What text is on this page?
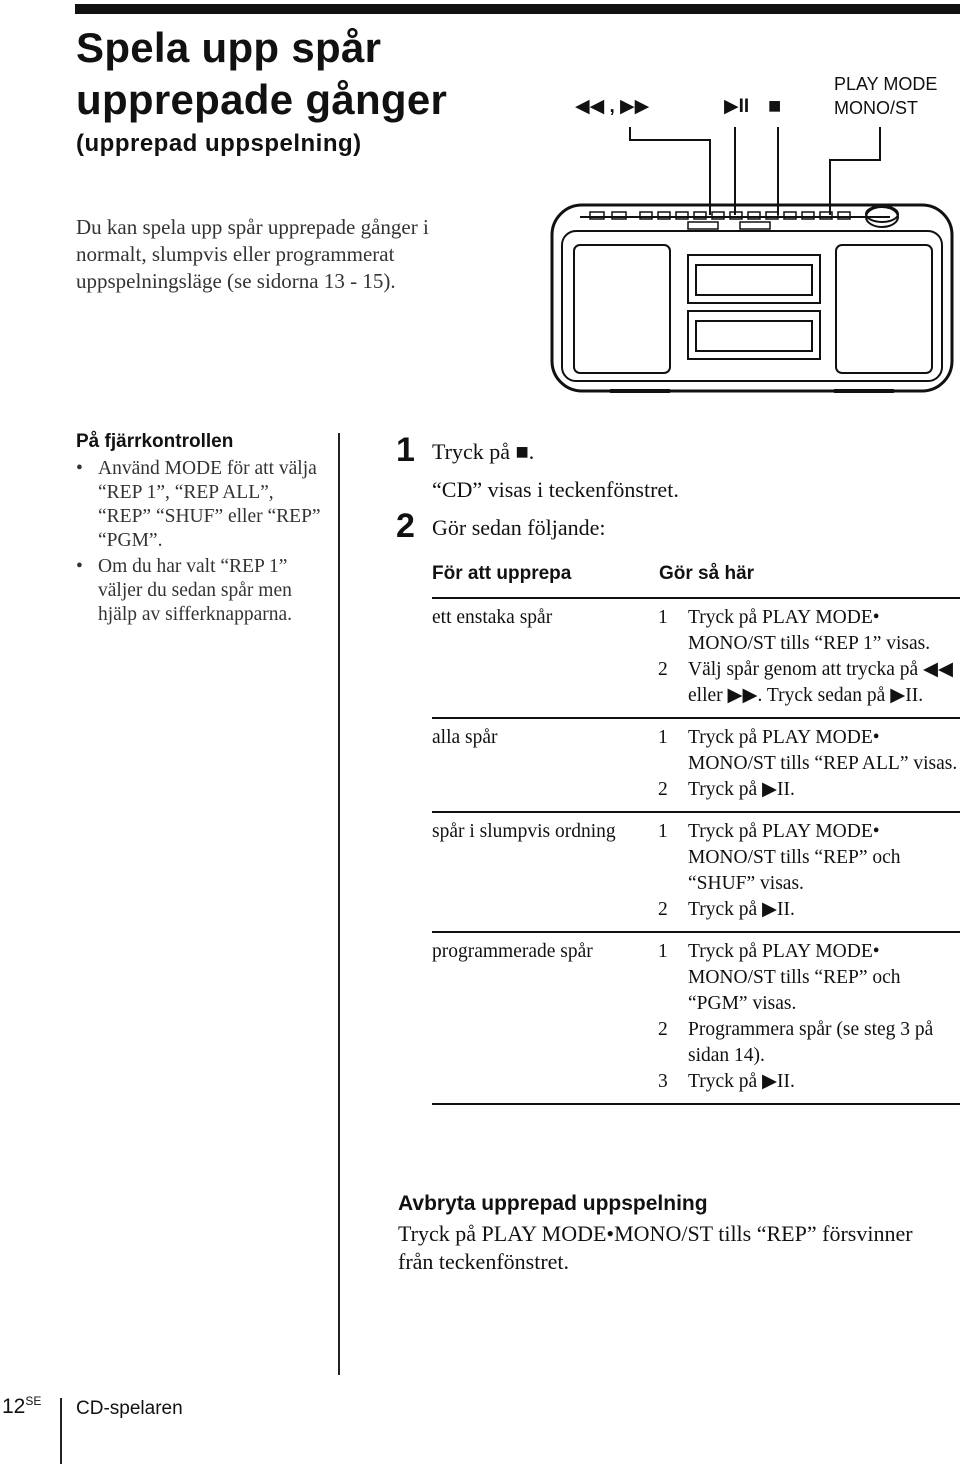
Spela upp spår
upprepade gånger
(upprepad uppspelning)
Du kan spela upp spår upprepade gånger i normalt, slumpvis eller programmerat uppspelningsläge (se sidorna 13 - 15).
◀◀ , ▶▶	▶II ■
PLAY MODE
MONO/ST
På fjärrkontrollen
• Använd MODE för att välja “REP 1”, “REP ALL”, “REP” “SHUF” eller “REP” “PGM”.
• Om du har valt “REP 1” väljer du sedan spår men hjälp av sifferknapparna.
1 Tryck på ■.
“CD” visas i teckenfönstret.
2 Gör sedan följande:
För att upprepa	Gör så här
ett enstaka spår	1 Tryck på PLAY MODE• MONO/ST tills “REP 1” visas.
2 Välj spår genom att trycka på ◀◀ eller ▶▶. Tryck sedan på ▶II.
alla spår	1 Tryck på PLAY MODE• MONO/ST tills “REP ALL” visas.
2 Tryck på ▶II.
spår i slumpvis ordning 1 Tryck på PLAY MODE• MONO/ST tills “REP” och “SHUF” visas.
2 Tryck på ▶II.
programmerade spår	1 Tryck på PLAY MODE• MONO/ST tills “REP” och “PGM” visas.
2 Programmera spår (se steg 3 på sidan 14).
3 Tryck på ▶II.
Avbryta upprepad uppspelning

Tryck på PLAY MODE•MONO/ST tills “REP” försvinner från teckenfönstret.

$12^{SE}$ CD-spelaren
